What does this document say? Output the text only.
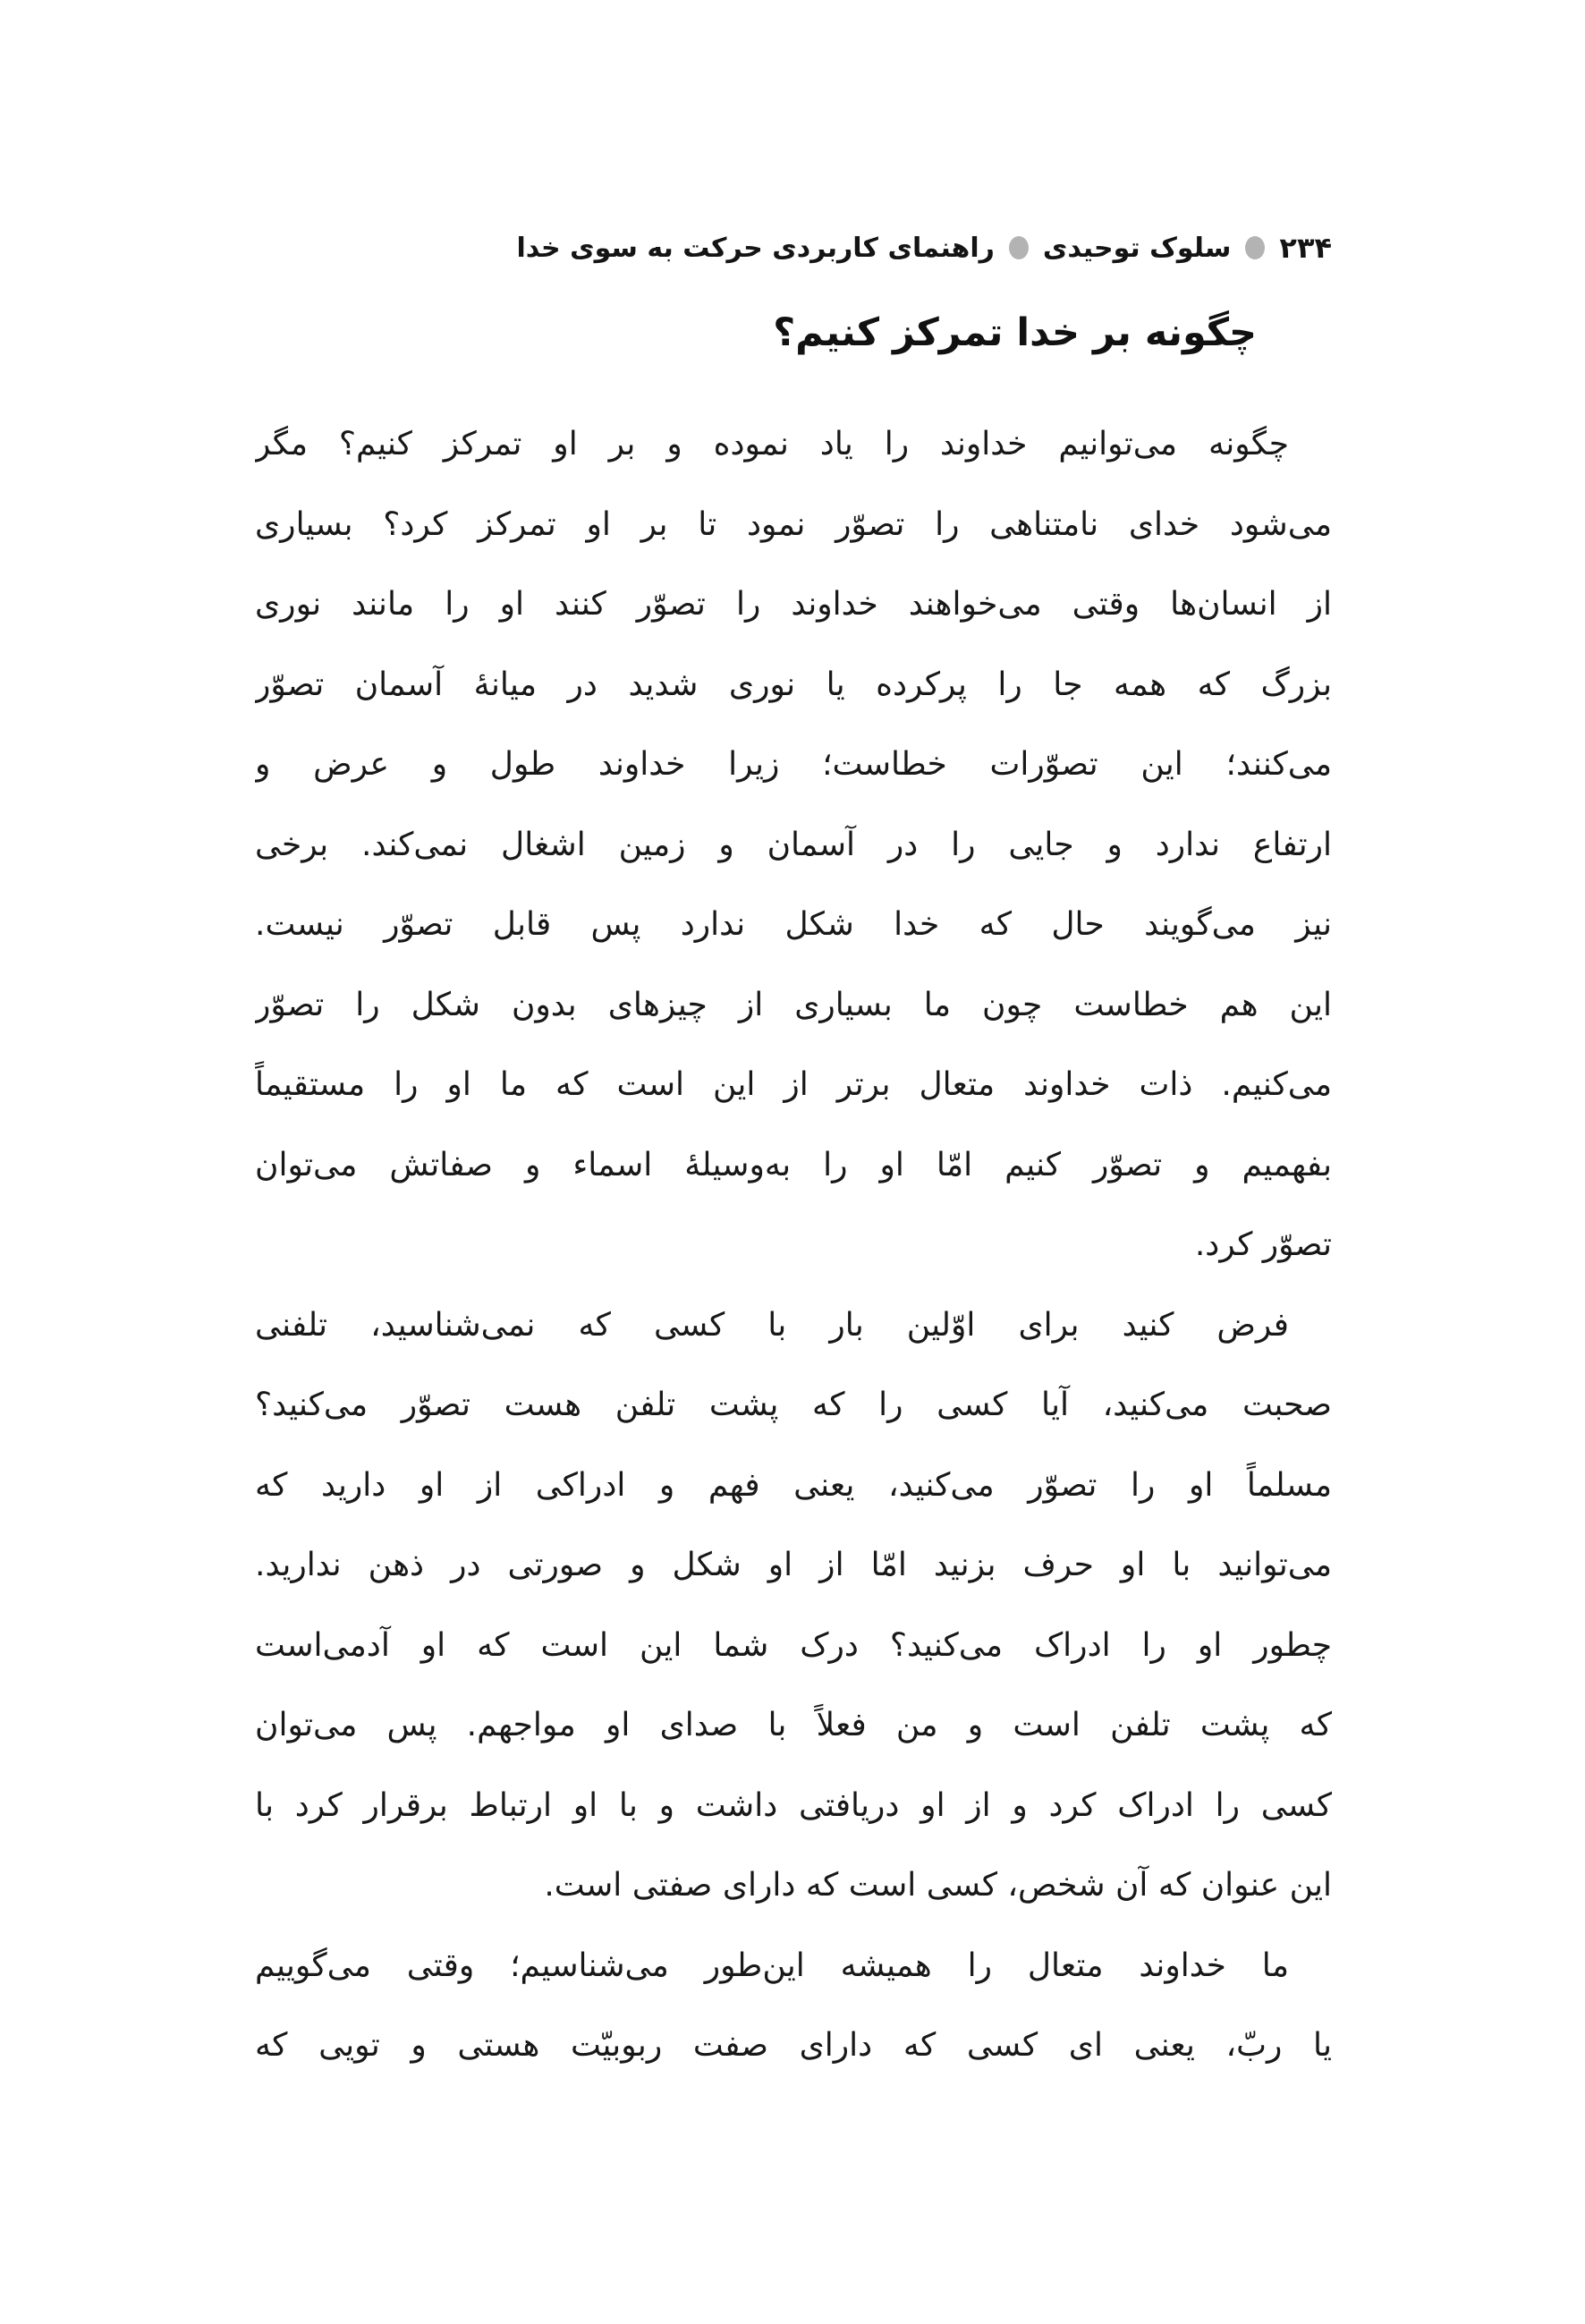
۲۳۴
سلوک توحیدی
راهنمای کاربردی حرکت به سوی خدا
چگونه بر خدا تمرکز کنیم؟
چگونه می‌توانیم خداوند را یاد نموده و بر او تمرکز کنیم؟ مگر
می‌شود خدای نامتناهی را تصوّر نمود تا بر او تمرکز کرد؟ بسیاری
از انسان‌ها وقتی می‌خواهند خداوند را تصوّر کنند او را مانند نوری
بزرگ که همه جا را پرکرده یا نوری شدید در میانهٔ آسمان تصوّر
می‌کنند؛ این تصوّرات خطاست؛ زیرا خداوند طول و عرض و
ارتفاع ندارد و جایی را در آسمان و زمین اشغال نمی‌کند. برخی
نیز می‌گویند حال که خدا شکل ندارد پس قابل تصوّر نیست.
این هم خطاست چون ما بسیاری از چیزهای بدون شکل را تصوّر
می‌کنیم. ذات خداوند متعال برتر از این است که ما او را مستقیماً
بفهمیم و تصوّر کنیم امّا او را به‌وسیلهٔ اسماء و صفاتش می‌توان
تصوّر کرد.
فرض کنید برای اوّلین بار با کسی که نمی‌شناسید، تلفنی
صحبت می‌کنید، آیا کسی را که پشت تلفن هست تصوّر می‌کنید؟
مسلماً او را تصوّر می‌کنید، یعنی فهم و ادراکی از او دارید که
می‌توانید با او حرف بزنید امّا از او شکل و صورتی در ذهن ندارید.
چطور او را ادراک می‌کنید؟ درک شما این است که او آدمی‌است
که پشت تلفن است و من فعلاً با صدای او مواجهم. پس می‌توان
کسی را ادراک کرد و از او دریافتی داشت و با او ارتباط برقرار کرد با
این عنوان که آن شخص، کسی است که دارای صفتی است.
ما خداوند متعال را همیشه این‌طور می‌شناسیم؛ وقتی می‌گوییم
یا ربّ، یعنی ای کسی که دارای صفت ربوبیّت هستی و تویی که
